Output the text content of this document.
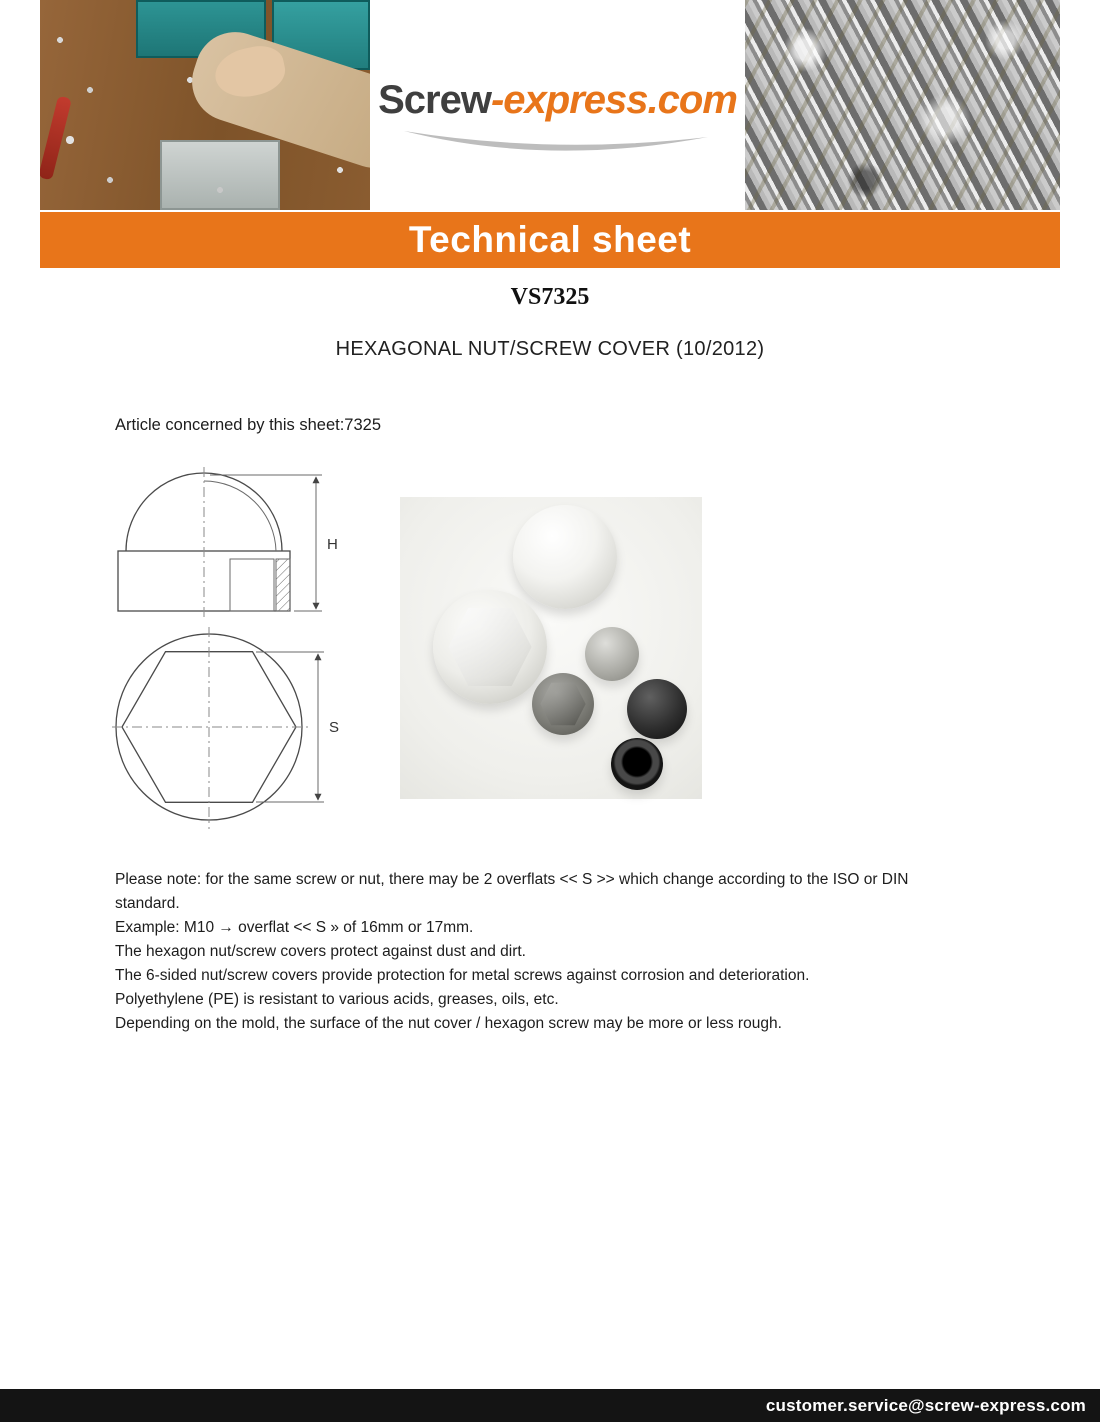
Screw-express.com
Technical sheet
VS7325
HEXAGONAL NUT/SCREW COVER (10/2012)
Article concerned by this sheet:7325
H
S

Please note: for the same screw or nut, there may be 2 overflats << S >> which change according to the ISO or DIN standard.

Example: M10 → overflat << S » of 16mm or 17mm.

The hexagon nut/screw covers protect against dust and dirt.

The 6-sided nut/screw covers provide protection for metal screws against corrosion and deterioration.

Polyethylene (PE) is resistant to various acids, greases, oils, etc.

Depending on the mold, the surface of the nut cover / hexagon screw may be more or less rough.

customer.service@screw-express.com
